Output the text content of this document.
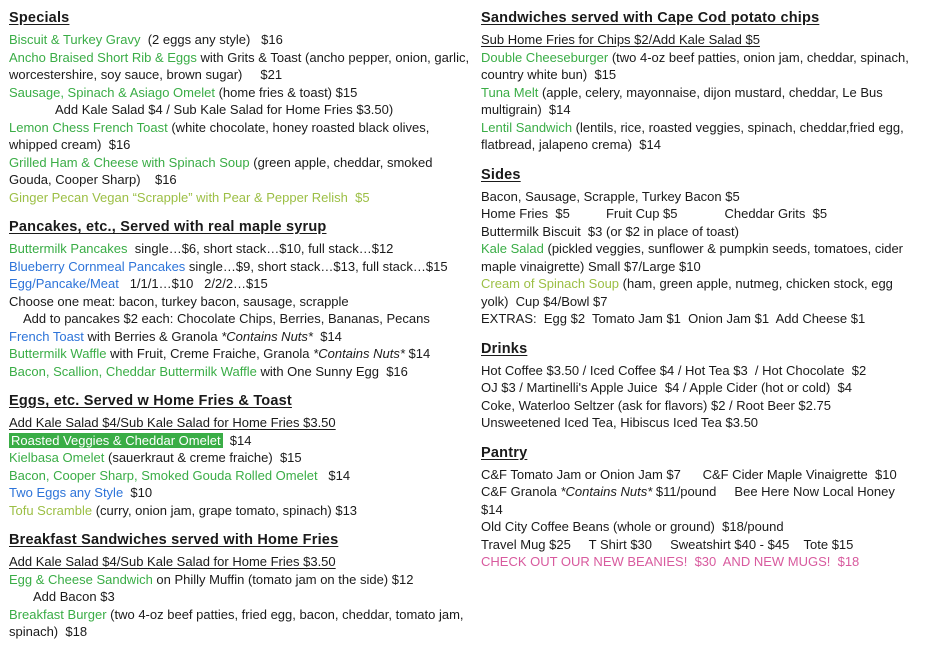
Specials
Biscuit & Turkey Gravy  (2 eggs any style)   $16
Ancho Braised Short Rib & Eggs with Grits & Toast (ancho pepper, onion, garlic, worcestershire, soy sauce, brown sugar)     $21
Sausage, Spinach & Asiago Omelet (home fries & toast) $15
Add Kale Salad $4 / Sub Kale Salad for Home Fries $3.50)
Lemon Chess French Toast (white chocolate, honey roasted black olives, whipped cream)  $16
Grilled Ham & Cheese with Spinach Soup (green apple, cheddar, smoked Gouda, Cooper Sharp)    $16
Ginger Pecan Vegan “Scrapple” with Pear & Pepper Relish  $5
Pancakes, etc., Served with real maple syrup
Buttermilk Pancakes  single…$6, short stack…$10, full stack…$12
Blueberry Cornmeal Pancakes single…$9, short stack…$13, full stack…$15
Egg/Pancake/Meat   1/1/1…$10   2/2/2…$15
Choose one meat: bacon, turkey bacon, sausage, scrapple
Add to pancakes $2 each: Chocolate Chips, Berries, Bananas, Pecans
French Toast with Berries & Granola *Contains Nuts*  $14
Buttermilk Waffle with Fruit, Creme Fraiche, Granola *Contains Nuts* $14
Bacon, Scallion, Cheddar Buttermilk Waffle with One Sunny Egg  $16
Eggs, etc. Served w Home Fries & Toast
Add Kale Salad $4/Sub Kale Salad for Home Fries $3.50
Roasted Veggies & Cheddar Omelet  $14
Kielbasa Omelet (sauerkraut & creme fraiche)  $15
Bacon, Cooper Sharp, Smoked Gouda Rolled Omelet   $14
Two Eggs any Style  $10
Tofu Scramble (curry, onion jam, grape tomato, spinach) $13
Breakfast Sandwiches served with Home Fries
Add Kale Salad $4/Sub Kale Salad for Home Fries $3.50
Egg & Cheese Sandwich on Philly Muffin (tomato jam on the side) $12
Add Bacon $3
Breakfast Burger (two 4-oz beef patties, fried egg, bacon, cheddar, tomato jam, spinach)  $18
Sandwiches served with Cape Cod potato chips
Sub Home Fries for Chips $2/Add Kale Salad $5
Double Cheeseburger (two 4-oz beef patties, onion jam, cheddar, spinach, country white bun)  $15
Tuna Melt (apple, celery, mayonnaise, dijon mustard, cheddar, Le Bus multigrain)  $14
Lentil Sandwich (lentils, rice, roasted veggies, spinach, cheddar,fried egg, flatbread, jalapeno crema)  $14
Sides
Bacon, Sausage, Scrapple, Turkey Bacon $5
Home Fries  $5          Fruit Cup $5             Cheddar Grits  $5
Buttermilk Biscuit  $3 (or $2 in place of toast)
Kale Salad (pickled veggies, sunflower & pumpkin seeds, tomatoes, cider maple vinaigrette) Small $7/Large $10
Cream of Spinach Soup (ham, green apple, nutmeg, chicken stock, egg yolk)  Cup $4/Bowl $7
EXTRAS:  Egg $2  Tomato Jam $1  Onion Jam $1  Add Cheese $1
Drinks
Hot Coffee $3.50 / Iced Coffee $4 / Hot Tea $3  / Hot Chocolate  $2
OJ $3 / Martinelli's Apple Juice  $4 / Apple Cider (hot or cold)  $4
Coke, Waterloo Seltzer (ask for flavors) $2 / Root Beer $2.75
Unsweetened Iced Tea, Hibiscus Iced Tea $3.50
Pantry
C&F Tomato Jam or Onion Jam $7      C&F Cider Maple Vinaigrette  $10
C&F Granola *Contains Nuts* $11/pound     Bee Here Now Local Honey  $14
Old City Coffee Beans (whole or ground)  $18/pound
Travel Mug $25     T Shirt $30     Sweatshirt $40 - $45    Tote $15
CHECK OUT OUR NEW BEANIES!  $30  AND NEW MUGS!  $18
